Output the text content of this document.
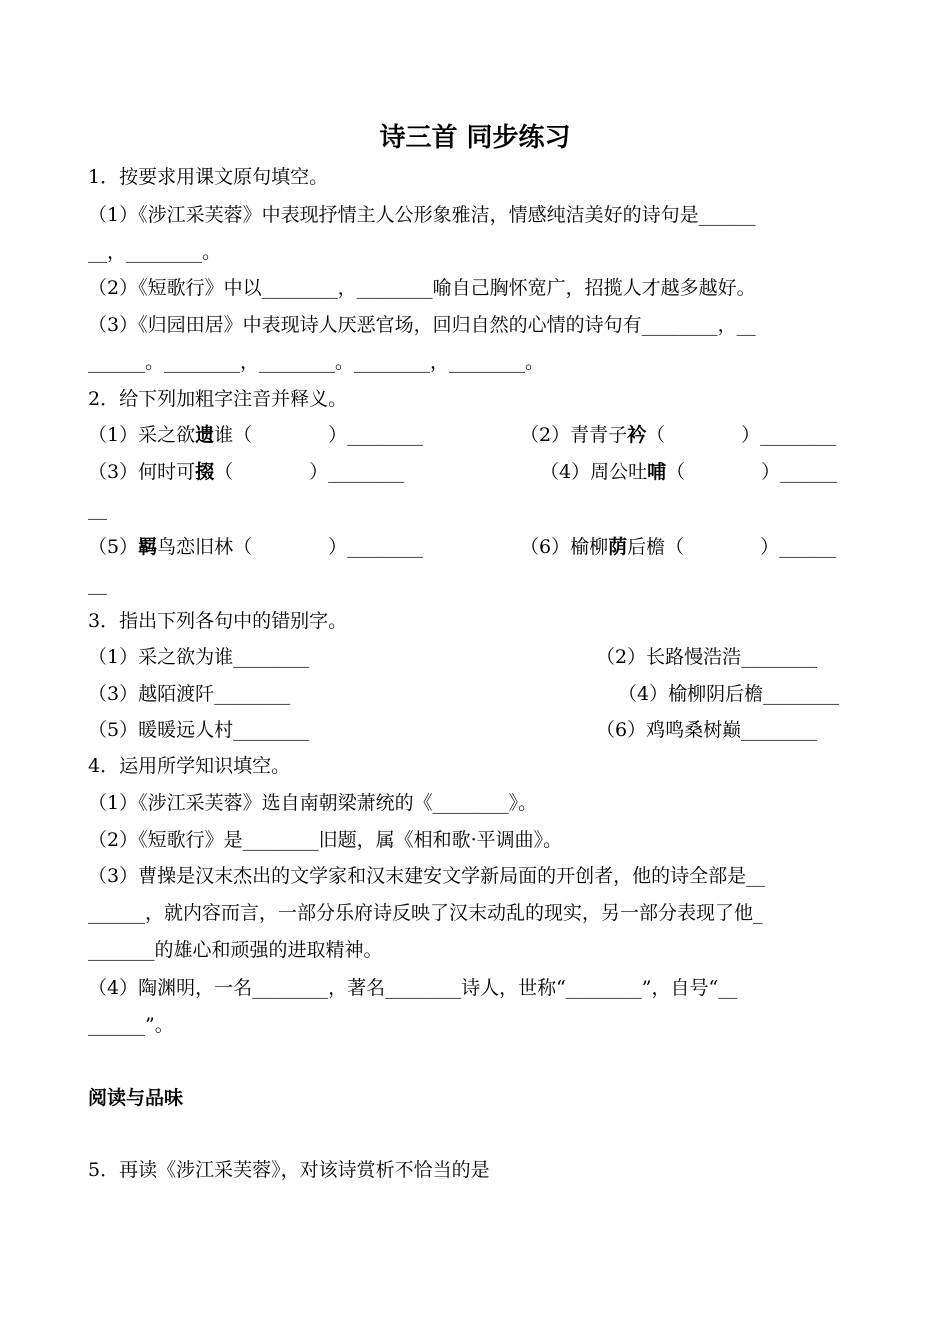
诗三首 同步练习
1．按要求用课文原句填空。
（1）《涉江采芙蓉》中表现抒情主人公形象雅洁，情感纯洁美好的诗句是______
__，________。
（2）《短歌行》中以________，________喻自己胸怀宽广，招揽人才越多越好。
（3）《归园田居》中表现诗人厌恶官场，回归自然的心情的诗句有________，__
______。________，________。________，________。
2．给下列加粗字注音并释义。
（1）采之欲遗谁（　　　　）________	（2）青青子衿（　　　　）________
（3）何时可掇（　　　　）________	（4）周公吐哺（　　　　）______
__
（5）羁鸟恋旧林（　　　　）________	（6）榆柳荫后檐（　　　　）______
__
3．指出下列各句中的错别字。
（1）采之欲为谁________	（2）长路慢浩浩________
（3）越陌渡阡________	（4）榆柳阴后檐________
（5）暖暖远人村________	（6）鸡鸣桑树巅________
4．运用所学知识填空。
（1）《涉江采芙蓉》选自南朝梁萧统的《________》。
（2）《短歌行》是________旧题，属《相和歌·平调曲》。
（3）曹操是汉末杰出的文学家和汉末建安文学新局面的开创者，他的诗全部是__
______，就内容而言，一部分乐府诗反映了汉末动乱的现实，另一部分表现了他_
_______的雄心和顽强的进取精神。
（4）陶渊明，一名________，著名________诗人，世称“________”，自号“__
______”。
阅读与品味
5．再读《涉江采芙蓉》，对该诗赏析不恰当的是
